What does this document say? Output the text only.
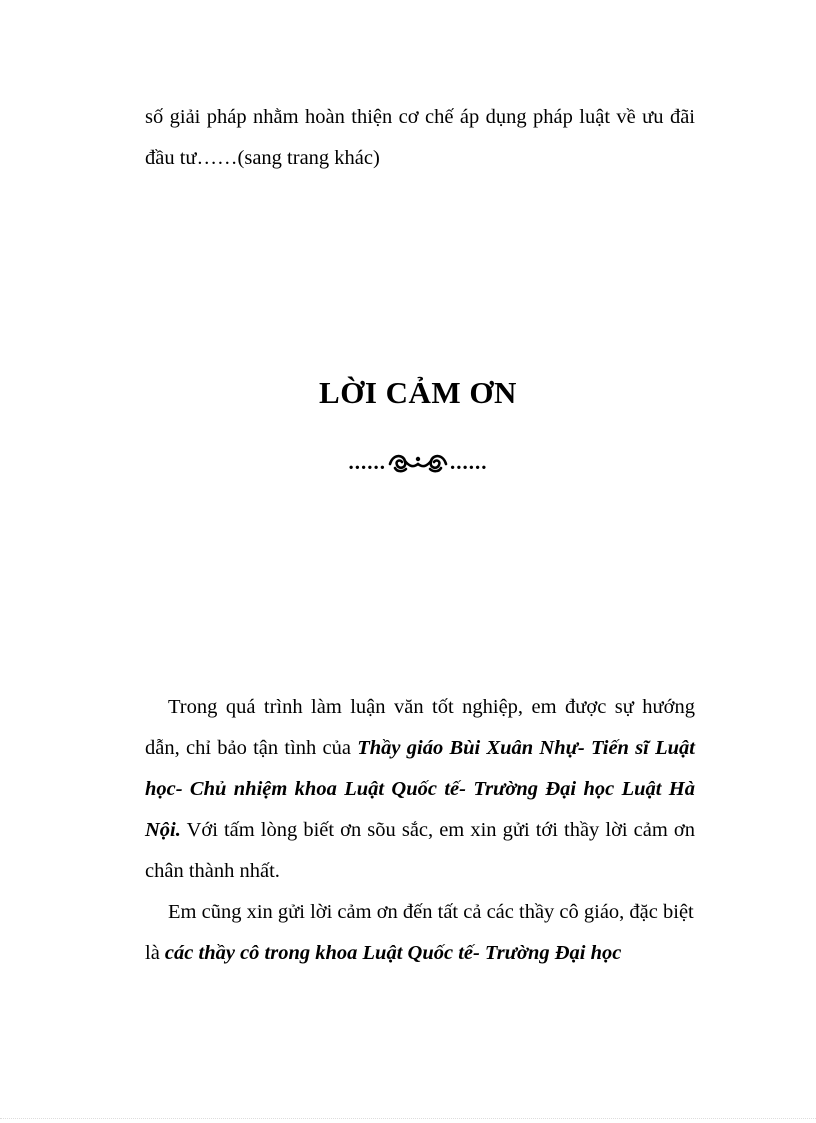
số giải pháp nhằm hoàn thiện cơ chế áp dụng pháp luật về ưu đãi đầu tư……(sang trang khác)
LỜI CẢM ƠN
......	......

Trong quá trình làm luận văn tốt nghiệp, em được sự hướng dẫn, chỉ bảo tận tình của Thầy giáo Bùi Xuân Nhự- Tiến sĩ Luật học- Chủ nhiệm khoa Luật Quốc tế- Trường Đại học Luật Hà Nội. Với tấm lòng biết ơn sõu sắc, em xin gửi tới thầy lời cảm ơn chân thành nhất.

Em cũng xin gửi lời cảm ơn đến tất cả các thầy cô giáo, đặc biệt là các thầy cô trong khoa Luật Quốc tế- Trường Đại học
